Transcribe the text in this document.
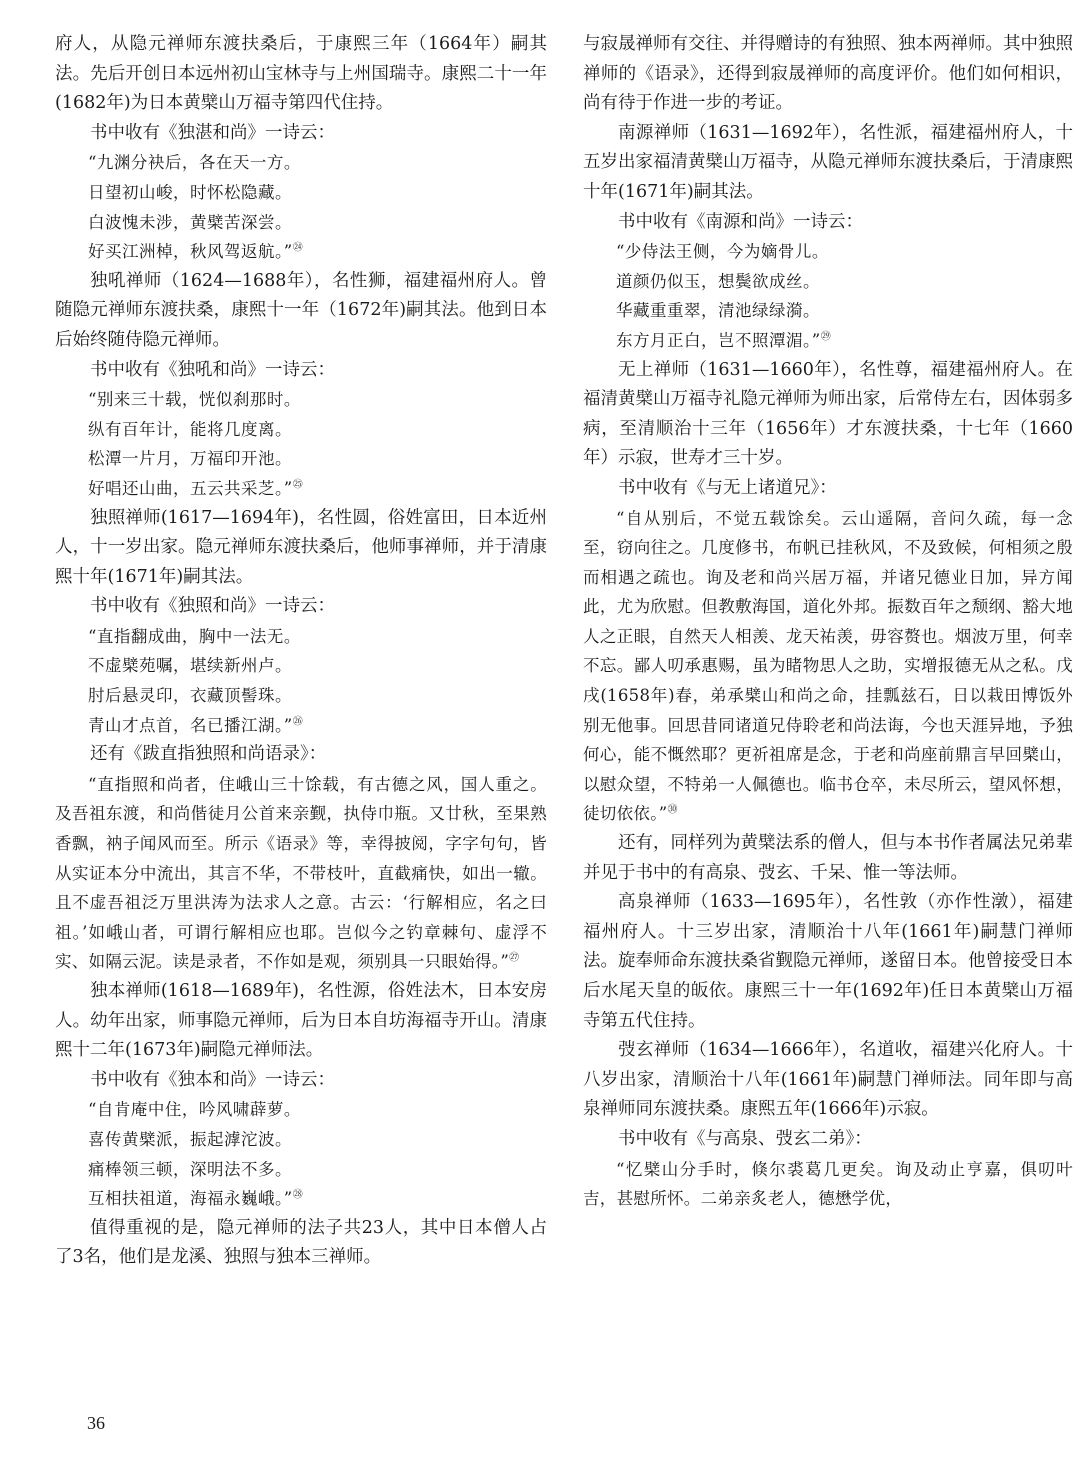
府人，从隐元禅师东渡扶桑后，于康熙三年（1664年）嗣其法。先后开创日本远州初山宝林寺与上州国瑞寺。康熙二十一年(1682年)为日本黄檗山万福寺第四代住持。

书中收有《独湛和尚》一诗云：

“九渊分袂后，各在天一方。
日望初山峻，时怀松隐藏。
白波愧未涉，黄檗苦深尝。
好买江洲棹，秋风驾返航。”$^㉔$

独吼禅师（1624—1688年），名性狮，福建福州府人。曾随隐元禅师东渡扶桑，康熙十一年（1672年)嗣其法。他到日本后始终随侍隐元禅师。

书中收有《独吼和尚》一诗云：

“别来三十载，恍似刹那时。
纵有百年计，能将几度离。
松潭一片月，万福印开池。
好唱还山曲，五云共采芝。”$^㉕$

独照禅师(1617—1694年)，名性圆，俗姓富田，日本近州人，十一岁出家。隐元禅师东渡扶桑后，他师事禅师，并于清康熙十年(1671年)嗣其法。

书中收有《独照和尚》一诗云：

“直指翻成曲，胸中一法无。
不虚檗苑嘱，堪续新州卢。
肘后悬灵印，衣藏顶髻珠。
青山才点首，名已播江湖。”$^㉖$

还有《跋直指独照和尚语录》：

“直指照和尚者，住峨山三十馀载，有古德之风，国人重之。及吾祖东渡，和尚偕徒月公首来亲觐，执侍巾瓶。又廿秋，至果熟香飘，衲子闻风而至。所示《语录》等，幸得披阅，字字句句，皆从实证本分中流出，其言不华，不带枝叶，直截痛快，如出一辙。且不虚吾祖泛万里洪涛为法求人之意。古云：‘行解相应，名之曰祖。’如峨山者，可谓行解相应也耶。岂似今之钓章棘句、虚浮不实、如隔云泥。读是录者，不作如是观，须别具一只眼始得。”$^㉗$

独本禅师(1618—1689年)，名性源，俗姓法木，日本安房人。幼年出家，师事隐元禅师，后为日本自坊海福寺开山。清康熙十二年(1673年)嗣隐元禅师法。

书中收有《独本和尚》一诗云：

“自肯庵中住，吟风啸薜萝。
喜传黄檗派，振起滹沱波。
痛棒领三顿，深明法不多。
互相扶祖道，海福永巍峨。”$^㉘$

值得重视的是，隐元禅师的法子共23人，其中日本僧人占了3名，他们是龙溪、独照与独本三禅师。

与寂晟禅师有交往、并得赠诗的有独照、独本两禅师。其中独照禅师的《语录》，还得到寂晟禅师的高度评价。他们如何相识，尚有待于作进一步的考证。

南源禅师（1631—1692年），名性派，福建福州府人，十五岁出家福清黄檗山万福寺，从隐元禅师东渡扶桑后，于清康熙十年(1671年)嗣其法。

书中收有《南源和尚》一诗云：

“少侍法王侧，今为嫡骨儿。
道颜仍似玉，想鬓欲成丝。
华藏重重翠，清池绿绿漪。
东方月正白，岂不照潭湄。”$^㉙$

无上禅师（1631—1660年），名性尊，福建福州府人。在福清黄檗山万福寺礼隐元禅师为师出家，后常侍左右，因体弱多病，至清顺治十三年（1656年）才东渡扶桑，十七年（1660年）示寂，世寿才三十岁。

书中收有《与无上诸道兄》：

“自从别后，不觉五载馀矣。云山遥隔，音问久疏，每一念至，窃向往之。几度修书，布帆已挂秋风，不及致候，何相须之殷而相遇之疏也。询及老和尚兴居万福，并诸兄德业日加，异方闻此，尤为欣慰。但教敷海国，道化外邦。振数百年之颓纲、豁大地人之正眼，自然天人相羡、龙天祐羡，毋容赘也。烟波万里，何幸不忘。鄙人叨承惠赐，虽为睹物思人之助，实增报德无从之私。戊戌(1658年)春，弟承檗山和尚之命，挂瓢兹石，日以栽田博饭外别无他事。回思昔同诸道兄侍聆老和尚法诲，今也天涯异地，予独何心，能不慨然耶？更祈祖席是念，于老和尚座前鼎言早回檗山，以慰众望，不特弟一人佩德也。临书仓卒，未尽所云，望风怀想，徒切依依。”$^㉚$

还有，同样列为黄檗法系的僧人，但与本书作者属法兄弟辈并见于书中的有高泉、弢玄、千呆、惟一等法师。

高泉禅师（1633—1695年），名性敦（亦作性潡），福建福州府人。十三岁出家，清顺治十八年(1661年)嗣慧门禅师法。旋奉师命东渡扶桑省觐隐元禅师，遂留日本。他曾接受日本后水尾天皇的皈依。康熙三十一年(1692年)任日本黄檗山万福寺第五代住持。

弢玄禅师（1634—1666年），名道收，福建兴化府人。十八岁出家，清顺治十八年(1661年)嗣慧门禅师法。同年即与高泉禅师同东渡扶桑。康熙五年(1666年)示寂。

书中收有《与高泉、弢玄二弟》：

“忆檗山分手时，倏尔裘葛几更矣。询及动止亨嘉，俱叨叶吉，甚慰所怀。二弟亲炙老人，德懋学优，

36
